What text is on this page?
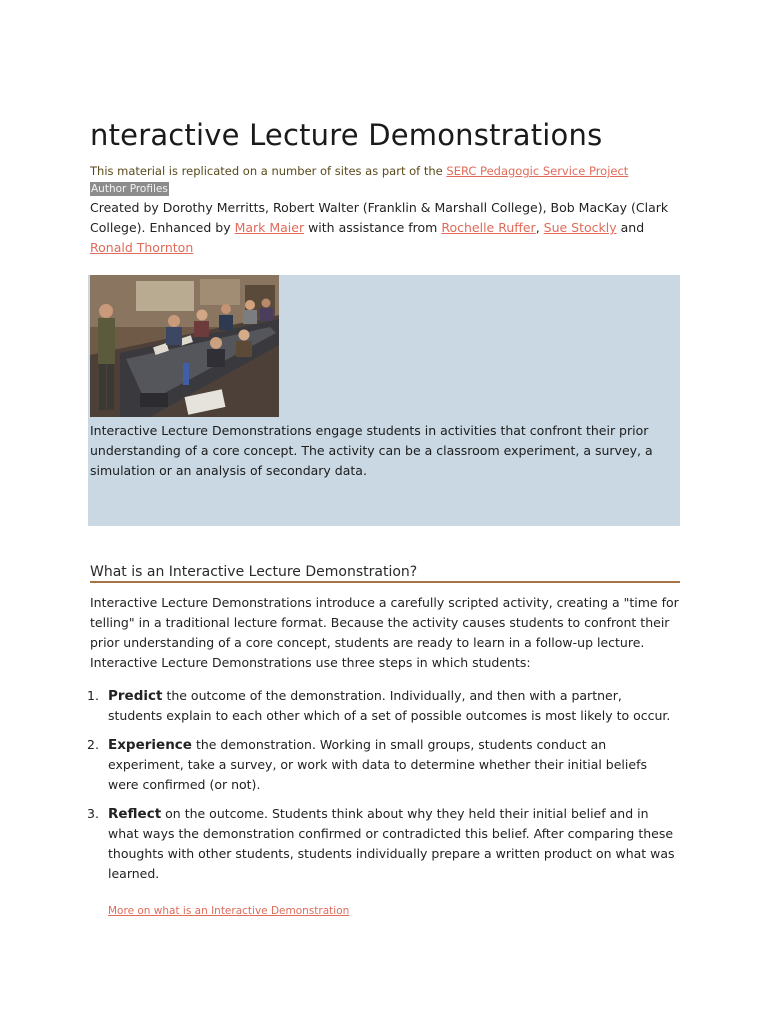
nteractive Lecture Demonstrations
This material is replicated on a number of sites as part of the SERC Pedagogic Service Project
Author Profiles
Created by Dorothy Merritts, Robert Walter (Franklin & Marshall College), Bob MacKay (Clark College). Enhanced by Mark Maier with assistance from Rochelle Ruffer, Sue Stockly and Ronald Thornton
Interactive Lecture Demonstrations engage students in activities that confront their prior understanding of a core concept. The activity can be a classroom experiment, a survey, a simulation or an analysis of secondary data.
What is an Interactive Lecture Demonstration?
Interactive Lecture Demonstrations introduce a carefully scripted activity, creating a "time for telling" in a traditional lecture format. Because the activity causes students to confront their prior understanding of a core concept, students are ready to learn in a follow-up lecture. Interactive Lecture Demonstrations use three steps in which students:
1. Predict the outcome of the demonstration. Individually, and then with a partner, students explain to each other which of a set of possible outcomes is most likely to occur.
2. Experience the demonstration. Working in small groups, students conduct an experiment, take a survey, or work with data to determine whether their initial beliefs were confirmed (or not).
3. Reflect on the outcome. Students think about why they held their initial belief and in what ways the demonstration confirmed or contradicted this belief. After comparing these thoughts with other students, students individually prepare a written product on what was learned.
More on what is an Interactive Demonstration
